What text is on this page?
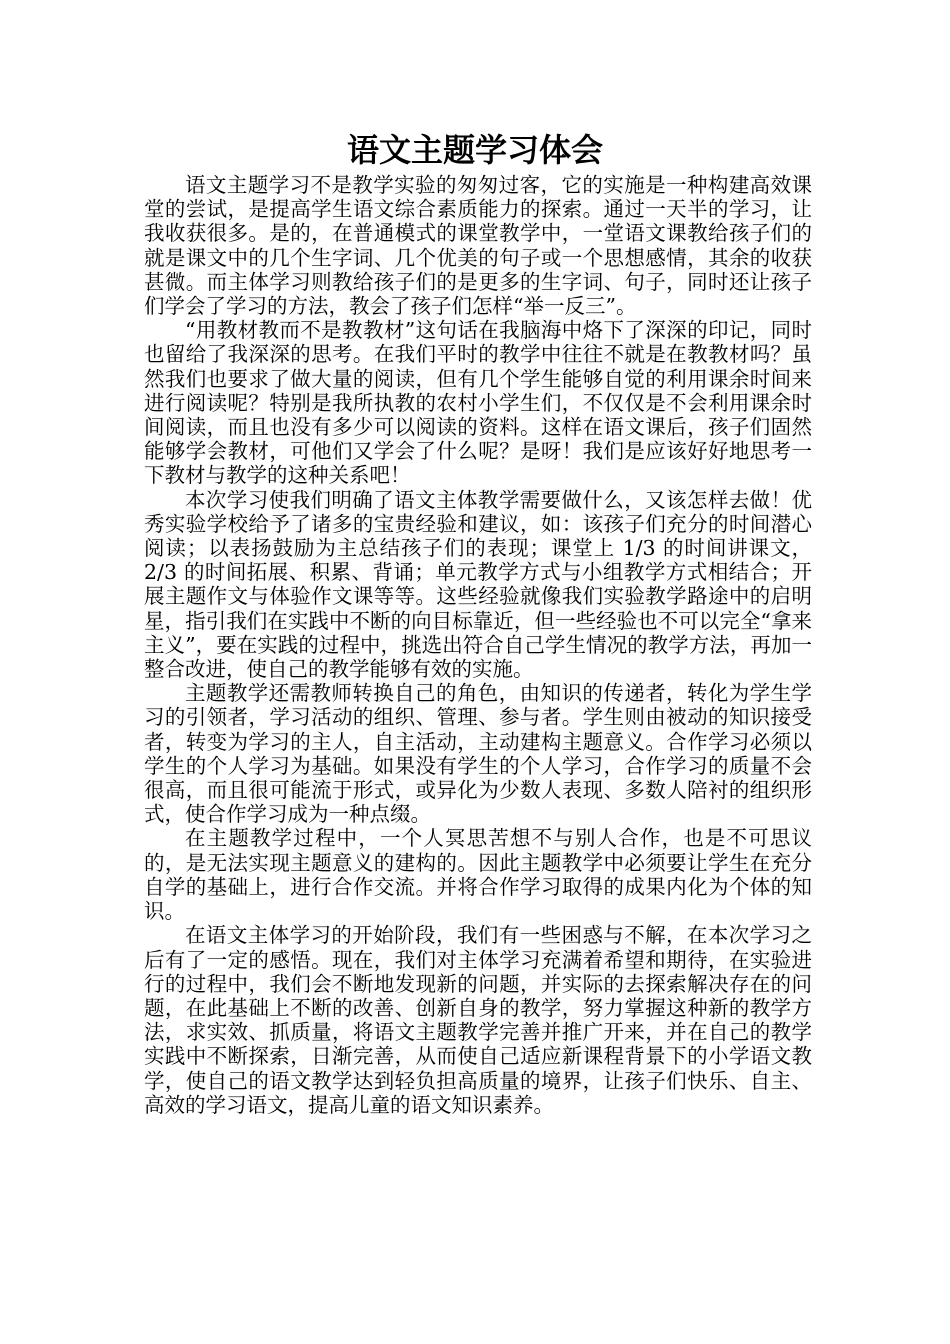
语文主题学习体会

语文主题学习不是教学实验的匆匆过客，它的实施是一种构建高效课堂的尝试，是提高学生语文综合素质能力的探索。通过一天半的学习，让我收获很多。是的，在普通模式的课堂教学中，一堂语文课教给孩子们的就是课文中的几个生字词、几个优美的句子或一个思想感情，其余的收获甚微。而主体学习则教给孩子们的是更多的生字词、句子，同时还让孩子们学会了学习的方法，教会了孩子们怎样“举一反三”。

“用教材教而不是教教材”这句话在我脑海中烙下了深深的印记，同时也留给了我深深的思考。在我们平时的教学中往往不就是在教教材吗？虽然我们也要求了做大量的阅读，但有几个学生能够自觉的利用课余时间来进行阅读呢？特别是我所执教的农村小学生们，不仅仅是不会利用课余时间阅读，而且也没有多少可以阅读的资料。这样在语文课后，孩子们固然能够学会教材，可他们又学会了什么呢？是呀！我们是应该好好地思考一下教材与教学的这种关系吧！

本次学习使我们明确了语文主体教学需要做什么，又该怎样去做！优秀实验学校给予了诸多的宝贵经验和建议，如：该孩子们充分的时间潜心阅读；以表扬鼓励为主总结孩子们的表现；课堂上 1/3 的时间讲课文，2/3 的时间拓展、积累、背诵；单元教学方式与小组教学方式相结合；开展主题作文与体验作文课等等。这些经验就像我们实验教学路途中的启明星，指引我们在实践中不断的向目标靠近，但一些经验也不可以完全“拿来主义”，要在实践的过程中，挑选出符合自己学生情况的教学方法，再加一整合改进，使自己的教学能够有效的实施。

主题教学还需教师转换自己的角色，由知识的传递者，转化为学生学习的引领者，学习活动的组织、管理、参与者。学生则由被动的知识接受者，转变为学习的主人，自主活动，主动建构主题意义。合作学习必须以学生的个人学习为基础。如果没有学生的个人学习，合作学习的质量不会很高，而且很可能流于形式，或异化为少数人表现、多数人陪衬的组织形式，使合作学习成为一种点缀。

在主题教学过程中，一个人冥思苦想不与别人合作，也是不可思议的，是无法实现主题意义的建构的。因此主题教学中必须要让学生在充分自学的基础上，进行合作交流。并将合作学习取得的成果内化为个体的知识。

在语文主体学习的开始阶段，我们有一些困惑与不解，在本次学习之后有了一定的感悟。现在，我们对主体学习充满着希望和期待，在实验进行的过程中，我们会不断地发现新的问题，并实际的去探索解决存在的问题，在此基础上不断的改善、创新自身的教学，努力掌握这种新的教学方法，求实效、抓质量，将语文主题教学完善并推广开来，并在自己的教学实践中不断探索，日渐完善，从而使自己适应新课程背景下的小学语文教学，使自己的语文教学达到轻负担高质量的境界，让孩子们快乐、自主、高效的学习语文，提高儿童的语文知识素养。
